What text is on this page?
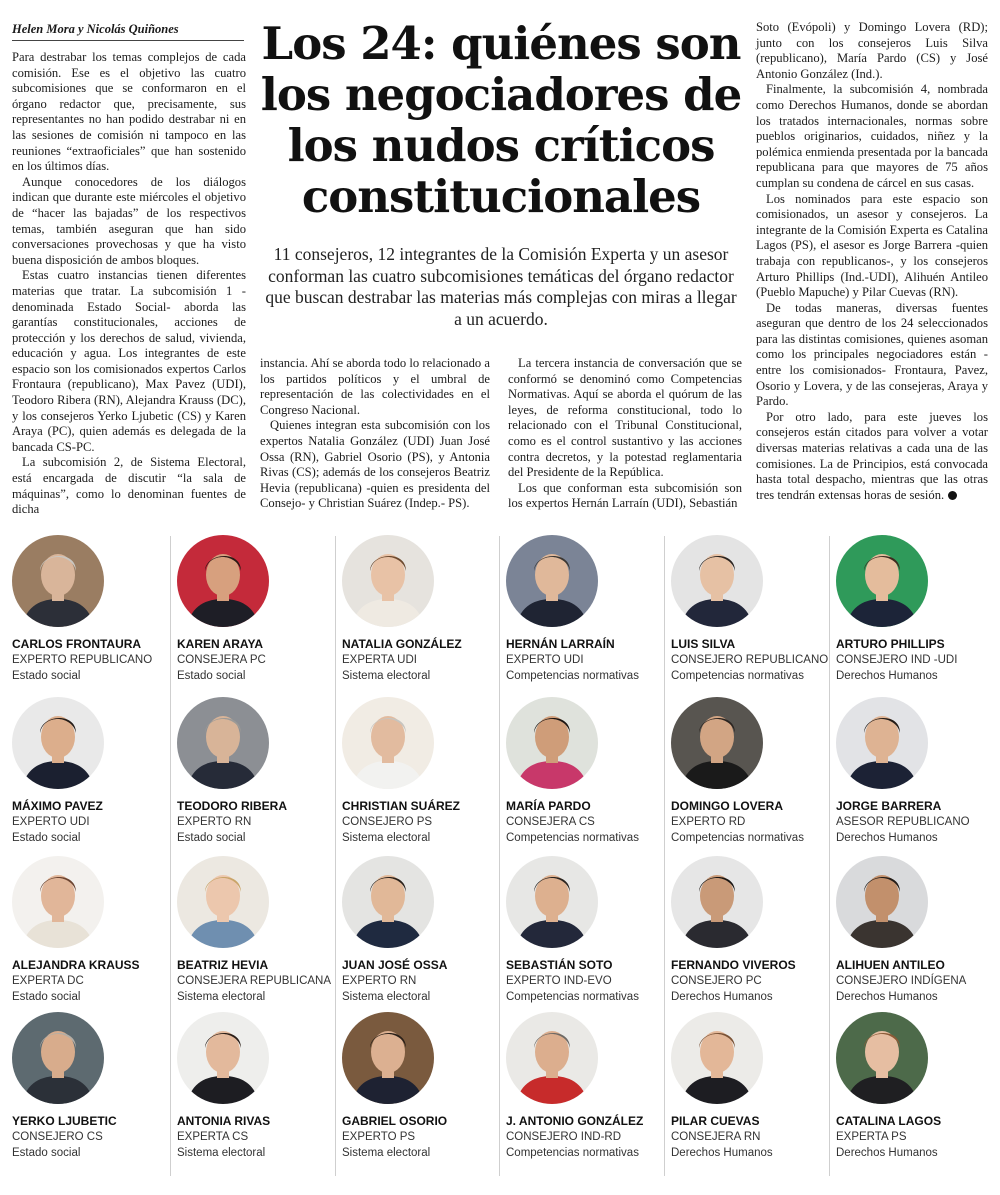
Helen Mora y Nicolás Quiñones

Para destrabar los temas complejos de cada comisión. Ese es el objetivo las cuatro subcomisiones que se conformaron en el órgano redactor que, precisamente, sus representantes no han podido destrabar ni en las sesiones de comisión ni tampoco en las reuniones “extraoficiales” que han sostenido en los últimos días.

Aunque conocedores de los diálogos indican que durante este miércoles el objetivo de “hacer las bajadas” de los respectivos temas, también aseguran que han sido conversaciones provechosas y que ha visto buena disposición de ambos bloques.

Estas cuatro instancias tienen diferentes materias que tratar. La subcomisión 1 -denominada Estado Social- aborda las garantías constitucionales, acciones de protección y los derechos de salud, vivienda, educación y agua. Los integrantes de este espacio son los comisionados expertos Carlos Frontaura (republicano), Max Pavez (UDI), Teodoro Ribera (RN), Alejandra Krauss (DC), y los consejeros Yerko Ljubetic (CS) y Karen Araya (PC), quien además es delegada de la bancada CS-PC.

La subcomisión 2, de Sistema Electoral, está encargada de discutir “la sala de máquinas”, como lo denominan fuentes de dicha

Los 24: quiénes son los negociadores de los nudos críticos constitucionales
11 consejeros, 12 integrantes de la Comisión Experta y un asesor conforman las cuatro subcomisiones temáticas del órgano redactor que buscan destrabar las materias más complejas con miras a llegar a un acuerdo.

instancia. Ahí se aborda todo lo relacionado a los partidos políticos y el umbral de representación de las colectividades en el Congreso Nacional.

Quienes integran esta subcomisión con los expertos Natalia González (UDI) Juan José Ossa (RN), Gabriel Osorio (PS), y Antonia Rivas (CS); además de los consejeros Beatriz Hevia (republicana) -quien es presidenta del Consejo- y Christian Suárez (Indep.- PS).

La tercera instancia de conversación que se conformó se denominó como Competencias Normativas. Aquí se aborda el quórum de las leyes, de reforma constitucional, todo lo relacionado con el Tribunal Constitucional, como es el control sustantivo y las acciones contra decretos, y la potestad reglamentaria del Presidente de la República.

Los que conforman esta subcomisión son los expertos Hernán Larraín (UDI), Sebastián

Soto (Evópoli) y Domingo Lovera (RD); junto con los consejeros Luis Silva (republicano), María Pardo (CS) y José Antonio González (Ind.).

Finalmente, la subcomisión 4, nombrada como Derechos Humanos, donde se abordan los tratados internacionales, normas sobre pueblos originarios, cuidados, niñez y la polémica enmienda presentada por la bancada republicana para que mayores de 75 años cumplan su condena de cárcel en sus casas.

Los nominados para este espacio son comisionados, un asesor y consejeros. La integrante de la Comisión Experta es Catalina Lagos (PS), el asesor es Jorge Barrera -quien trabaja con republicanos-, y los consejeros Arturo Phillips (Ind.-UDI), Alihuén Antileo (Pueblo Mapuche) y Pilar Cuevas (RN).

De todas maneras, diversas fuentes aseguran que dentro de los 24 seleccionados para las distintas comisiones, quienes asoman como los principales negociadores están -entre los comisionados- Frontaura, Pavez, Osorio y Lovera, y de las consejeras, Araya y Pardo.

Por otro lado, para este jueves los consejeros están citados para volver a votar diversas materias relativas a cada una de las comisiones. La de Principios, está convocada hasta total despacho, mientras que las otras tres tendrán extensas horas de sesión.

CARLOS FRONTAURA
EXPERTO REPUBLICANO
Estado social
KAREN ARAYA
CONSEJERA PC
Estado social
NATALIA GONZÁLEZ
EXPERTA UDI
Sistema electoral
HERNÁN LARRAÍN
EXPERTO UDI
Competencias normativas
LUIS SILVA
CONSEJERO REPUBLICANO
Competencias normativas
ARTURO PHILLIPS
CONSEJERO IND -UDI
Derechos Humanos
MÁXIMO PAVEZ
EXPERTO UDI
Estado social
TEODORO RIBERA
EXPERTO RN
Estado social
CHRISTIAN SUÁREZ
CONSEJERO PS
Sistema electoral
MARÍA PARDO
CONSEJERA CS
Competencias normativas
DOMINGO LOVERA
EXPERTO RD
Competencias normativas
JORGE BARRERA
ASESOR REPUBLICANO
Derechos Humanos
ALEJANDRA KRAUSS
EXPERTA DC
Estado social
BEATRIZ HEVIA
CONSEJERA REPUBLICANA
Sistema electoral
JUAN JOSÉ OSSA
EXPERTO RN
Sistema electoral
SEBASTIÁN SOTO
EXPERTO IND-EVO
Competencias normativas
FERNANDO VIVEROS
CONSEJERO PC
Derechos Humanos
ALIHUEN ANTILEO
CONSEJERO INDÍGENA
Derechos Humanos
YERKO LJUBETIC
CONSEJERO CS
Estado social
ANTONIA RIVAS
EXPERTA CS
Sistema electoral
GABRIEL OSORIO
EXPERTO PS
Sistema electoral
J. ANTONIO GONZÁLEZ
CONSEJERO IND-RD
Competencias normativas
PILAR CUEVAS
CONSEJERA RN
Derechos Humanos
CATALINA LAGOS
EXPERTA PS
Derechos Humanos
